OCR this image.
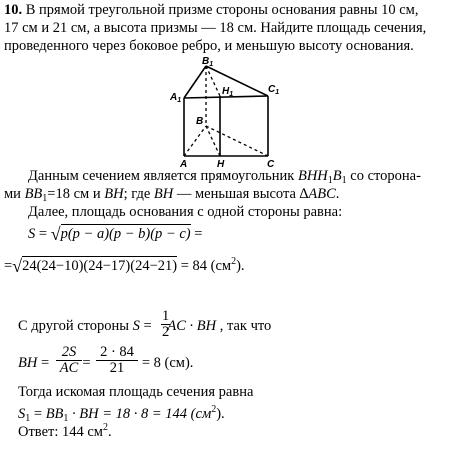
10. В прямой треугольной призме стороны основания равны 10 см,
17 см и 21 см, а высота призмы — 18 см. Найдите площадь сечения,
проведенного через боковое ребро, и меньшую высоту основания.
$B_1$
$A_1$
$H_1$	$C_1$
B
A	H	C
Данным сечением является прямоугольник $BHH_1B_1$ со сторона-
ми $BB_1=18$ см и BH; где BH — меньшая высота ∆ABC.
Далее, площадь основания с одной стороны равна:
S = √p(p − a)(p − b)(p − c) =
=√24(24−10)(24−17)(24−21) = 84 $(см^2)$.
С другой стороны S = AC · BH , так что
$\frac{1}{2}$
BH =  =	= 8 (см).
$\frac{2S}{AC} \frac{2 \cdot 84}{21}$
Тогда искомая площадь сечения равна
$S_1 = BB_1$ · BH = 18 · 8 = 144 $(см^2)$.
Ответ: 144 $см^2$.
